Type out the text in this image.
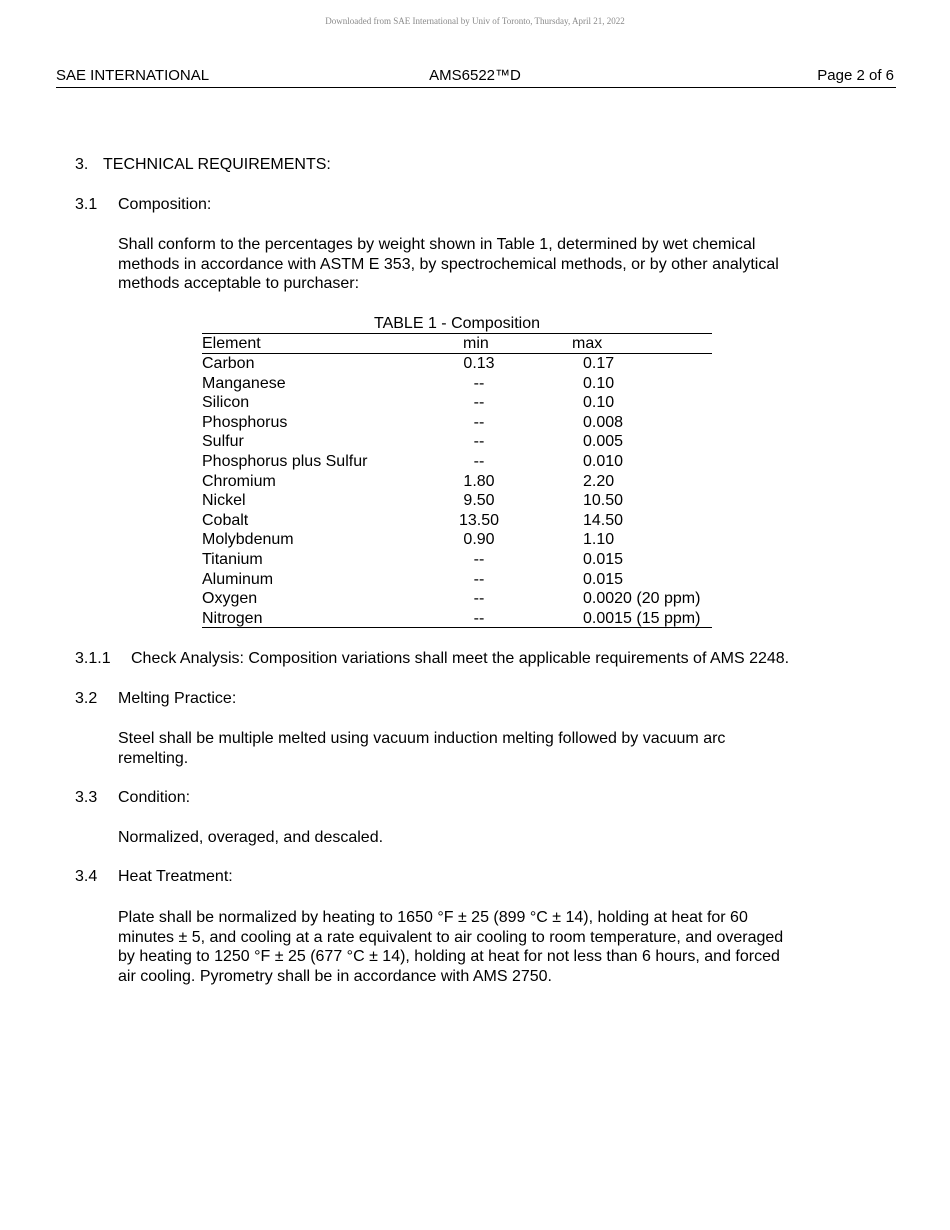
Downloaded from SAE International by Univ of Toronto, Thursday, April 21, 2022
SAE INTERNATIONAL	AMS6522™D	Page 2 of 6
3. TECHNICAL REQUIREMENTS:
3.1 Composition:
Shall conform to the percentages by weight shown in Table 1, determined by wet chemical
methods in accordance with ASTM E 353, by spectrochemical methods, or by other analytical
methods acceptable to purchaser:
TABLE 1 - Composition
Element	min	max
Carbon	0.13	0.17
Manganese	--	0.10
Silicon	--	0.10
Phosphorus	--	0.008
Sulfur	--	0.005
Phosphorus plus Sulfur	--	0.010
Chromium	1.80	2.20
Nickel	9.50	10.50
Cobalt	13.50	14.50
Molybdenum	0.90	1.10
Titanium	--	0.015
Aluminum	--	0.015
Oxygen	--	0.0020 (20 ppm)
Nitrogen	--	0.0015 (15 ppm)
3.1.1 Check Analysis: Composition variations shall meet the applicable requirements of AMS 2248.
3.2 Melting Practice:
Steel shall be multiple melted using vacuum induction melting followed by vacuum arc
remelting.
3.3 Condition:
Normalized, overaged, and descaled.
3.4 Heat Treatment:
Plate shall be normalized by heating to 1650 °F ± 25 (899 °C ± 14), holding at heat for 60
minutes ± 5, and cooling at a rate equivalent to air cooling to room temperature, and overaged
by heating to 1250 °F ± 25 (677 °C ± 14), holding at heat for not less than 6 hours, and forced
air cooling. Pyrometry shall be in accordance with AMS 2750.
